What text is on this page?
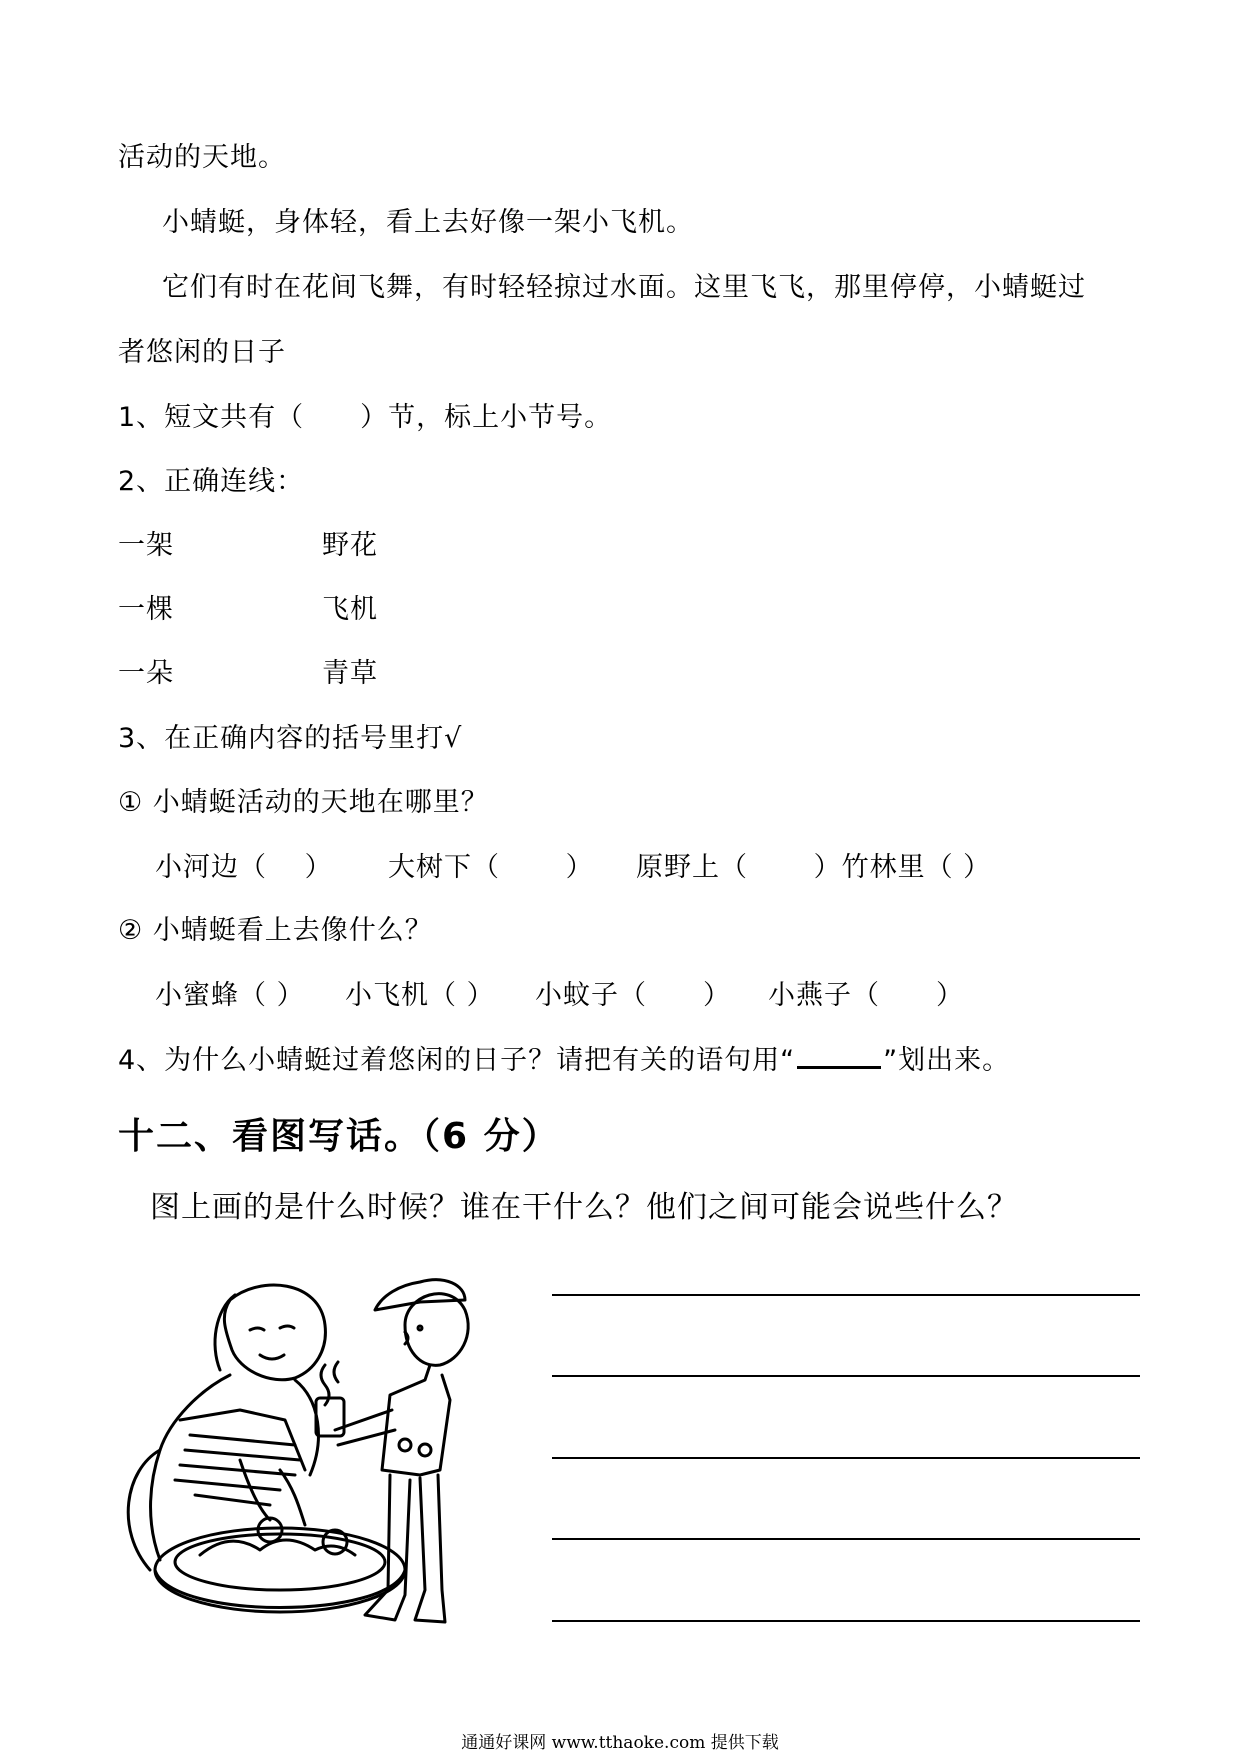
活动的天地。
小蜻蜓，身体轻，看上去好像一架小飞机。
它们有时在花间飞舞，有时轻轻掠过水面。这里飞飞，那里停停，小蜻蜓过
者悠闲的日子
1、短文共有（　　）节，标上小节号。
2、正确连线：
一架	野花
一棵	飞机
一朵	青草
3、在正确内容的括号里打√
① 小蜻蜓活动的天地在哪里？
小河边（　 ） 大树下（　　 ） 原野上（　　 ）竹林里（ ）
② 小蜻蜓看上去像什么？
小蜜蜂（ ） 小飞机（ ） 小蚊子（　　） 小燕子（　　）
4、为什么小蜻蜓过着悠闲的日子？请把有关的语句用“	”划出来。
十二、看图写话。（6 分）
图上画的是什么时候？谁在干什么？他们之间可能会说些什么？
通通好课网 www.tthaoke.com 提供下载
